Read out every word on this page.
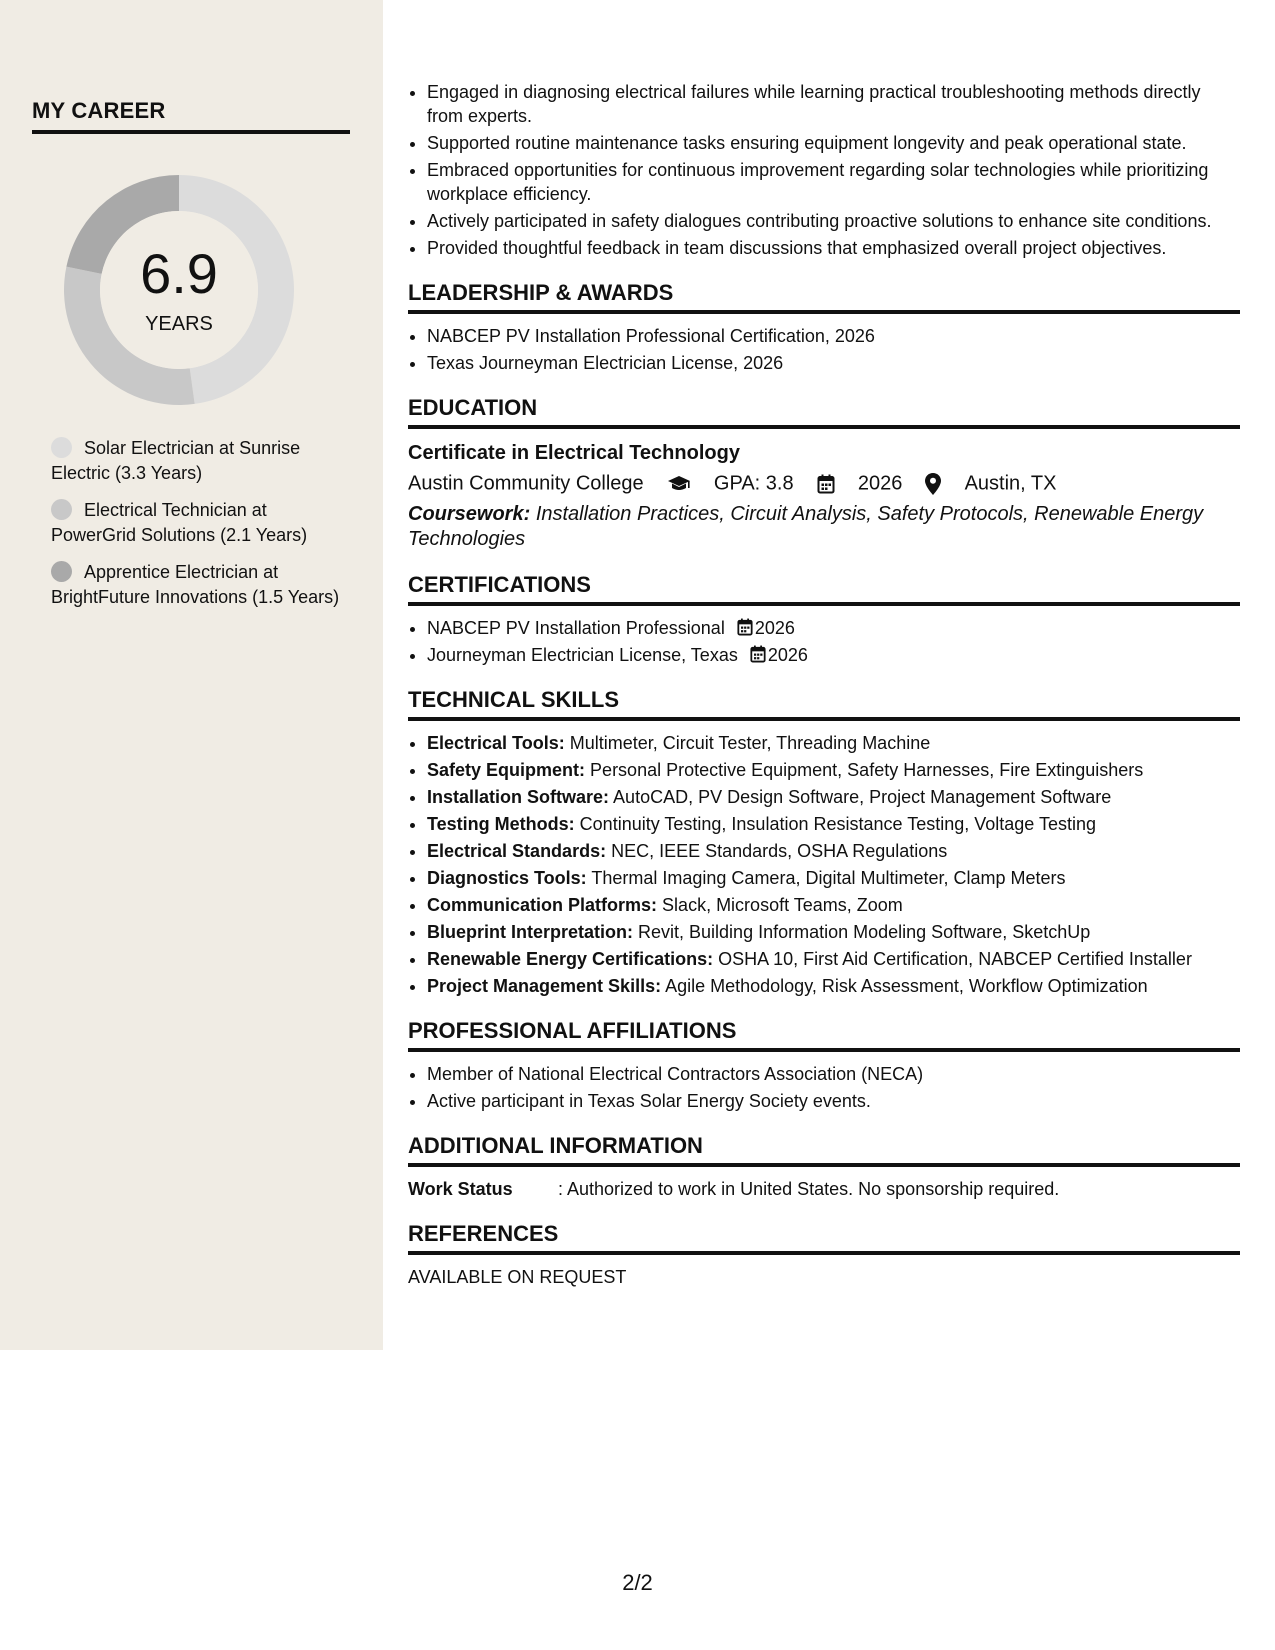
MY CAREER
6.9
YEARS
Solar Electrician at Sunrise Electric (3.3 Years)
Electrical Technician at PowerGrid Solutions (2.1 Years)
Apprentice Electrician at BrightFuture Innovations (1.5 Years)
• Engaged in diagnosing electrical failures while learning practical troubleshooting methods directly from experts.
• Supported routine maintenance tasks ensuring equipment longevity and peak operational state.
• Embraced opportunities for continuous improvement regarding solar technologies while prioritizing workplace efficiency.
• Actively participated in safety dialogues contributing proactive solutions to enhance site conditions.
• Provided thoughtful feedback in team discussions that emphasized overall project objectives.
LEADERSHIP & AWARDS
• NABCEP PV Installation Professional Certification, 2026
• Texas Journeyman Electrician License, 2026
EDUCATION
Certificate in Electrical Technology
Austin Community College	GPA: 3.8	2026	Austin, TX
Coursework: Installation Practices, Circuit Analysis, Safety Protocols, Renewable Energy Technologies
CERTIFICATIONS
• NABCEP PV Installation Professional 2026
• Journeyman Electrician License, Texas 2026
TECHNICAL SKILLS
• Electrical Tools: Multimeter, Circuit Tester, Threading Machine
• Safety Equipment: Personal Protective Equipment, Safety Harnesses, Fire Extinguishers
• Installation Software: AutoCAD, PV Design Software, Project Management Software
• Testing Methods: Continuity Testing, Insulation Resistance Testing, Voltage Testing
• Electrical Standards: NEC, IEEE Standards, OSHA Regulations
• Diagnostics Tools: Thermal Imaging Camera, Digital Multimeter, Clamp Meters
• Communication Platforms: Slack, Microsoft Teams, Zoom
• Blueprint Interpretation: Revit, Building Information Modeling Software, SketchUp
• Renewable Energy Certifications: OSHA 10, First Aid Certification, NABCEP Certified Installer
• Project Management Skills: Agile Methodology, Risk Assessment, Workflow Optimization
PROFESSIONAL AFFILIATIONS
• Member of National Electrical Contractors Association (NECA)
• Active participant in Texas Solar Energy Society events.
ADDITIONAL INFORMATION
Work Status	: Authorized to work in United States. No sponsorship required.
REFERENCES
AVAILABLE ON REQUEST
2/2
